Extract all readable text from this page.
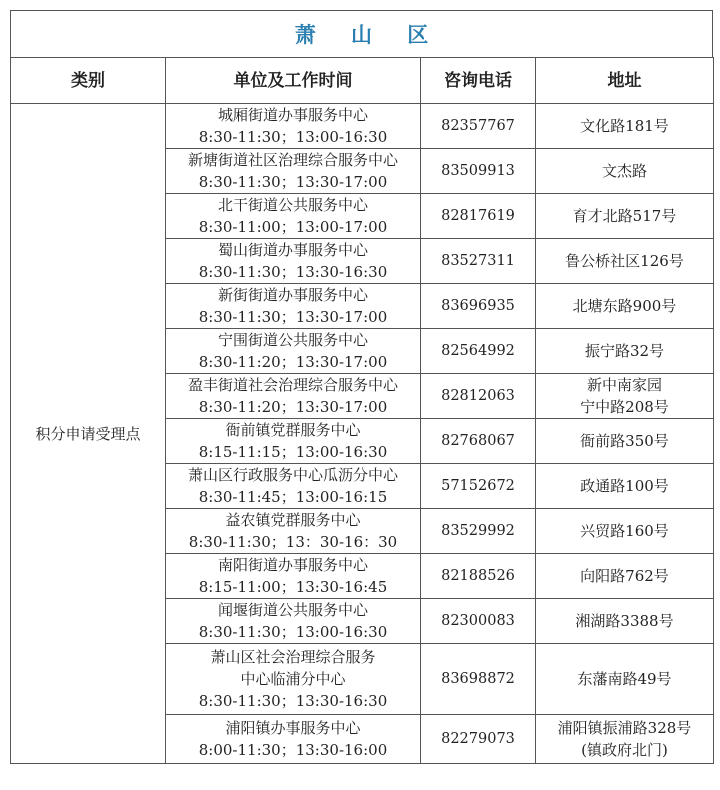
萧 山 区
类别	单位及工作时间	咨询电话	地址
积分申请受理点	城厢街道办事服务中心
8:30-11:30；13:00-16:30	82357767	文化路181号

	新塘街道社区治理综合服务中心
8:30-11:30；13:30-17:00	83509913	文杰路

	北干街道公共服务中心
8:30-11:00；13:00-17:00	82817619	育才北路517号

	蜀山街道办事服务中心
8:30-11:30；13:30-16:30	83527311	鲁公桥社区126号

	新街街道办事服务中心
8:30-11:30；13:30-17:00	83696935	北塘东路900号

	宁围街道公共服务中心
8:30-11:20；13:30-17:00	82564992	振宁路32号

	盈丰街道社会治理综合服务中心
8:30-11:20；13:30-17:00	82812063	新中南家园
宁中路208号

	衙前镇党群服务中心
8:15-11:15；13:00-16:30	82768067	衙前路350号

	萧山区行政服务中心瓜沥分中心
8:30-11:45；13:00-16:15	57152672	政通路100号

	益农镇党群服务中心
8:30-11:30；13：30-16：30	83529992	兴贸路160号

	南阳街道办事服务中心
8:15-11:00；13:30-16:45	82188526	向阳路762号

	闻堰街道公共服务中心
8:30-11:30；13:00-16:30	82300083	湘湖路3388号

	萧山区社会治理综合服务
中心临浦分中心
8:30-11:30；13:30-16:30	83698872	东藩南路49号

	浦阳镇办事服务中心
8:00-11:30；13:30-16:00	82279073	浦阳镇振浦路328号
(镇政府北门)
